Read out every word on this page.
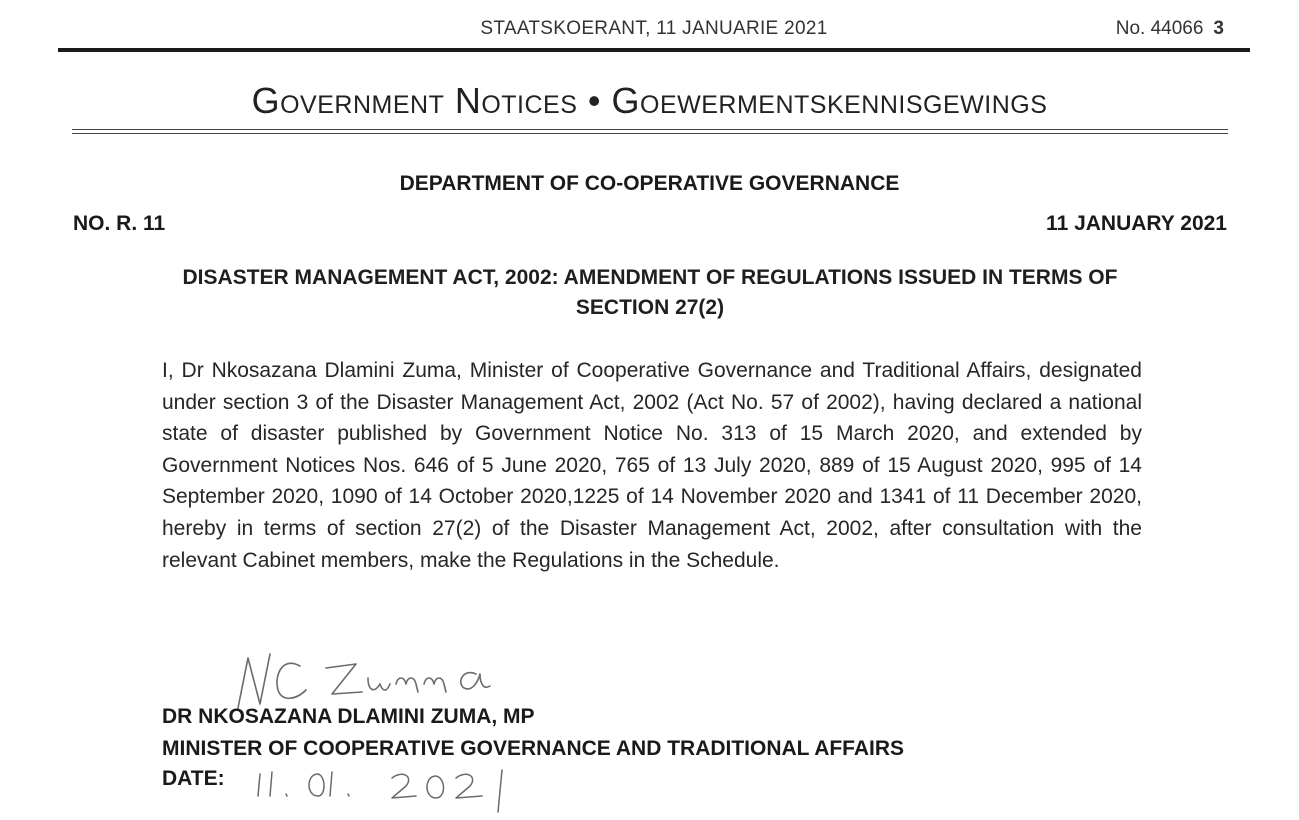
STAATSKOERANT, 11 JANUARIE 2021	No. 44066 3
Government Notices • Goewermentskennisgewings
DEPARTMENT OF CO-OPERATIVE GOVERNANCE
NO. R. 11	11 JANUARY 2021
DISASTER MANAGEMENT ACT, 2002: AMENDMENT OF REGULATIONS ISSUED IN TERMS OF SECTION 27(2)
I, Dr Nkosazana Dlamini Zuma, Minister of Cooperative Governance and Traditional Affairs, designated under section 3 of the Disaster Management Act, 2002 (Act No. 57 of 2002), having declared a national state of disaster published by Government Notice No. 313 of 15 March 2020, and extended by Government Notices Nos. 646 of 5 June 2020, 765 of 13 July 2020, 889 of 15 August 2020, 995 of 14 September 2020, 1090 of 14 October 2020,1225 of 14 November 2020 and 1341 of 11 December 2020, hereby in terms of section 27(2) of the Disaster Management Act, 2002, after consultation with the relevant Cabinet members, make the Regulations in the Schedule.
DR NKOSAZANA DLAMINI ZUMA, MP
MINISTER OF COOPERATIVE GOVERNANCE AND TRADITIONAL AFFAIRS
DATE:
